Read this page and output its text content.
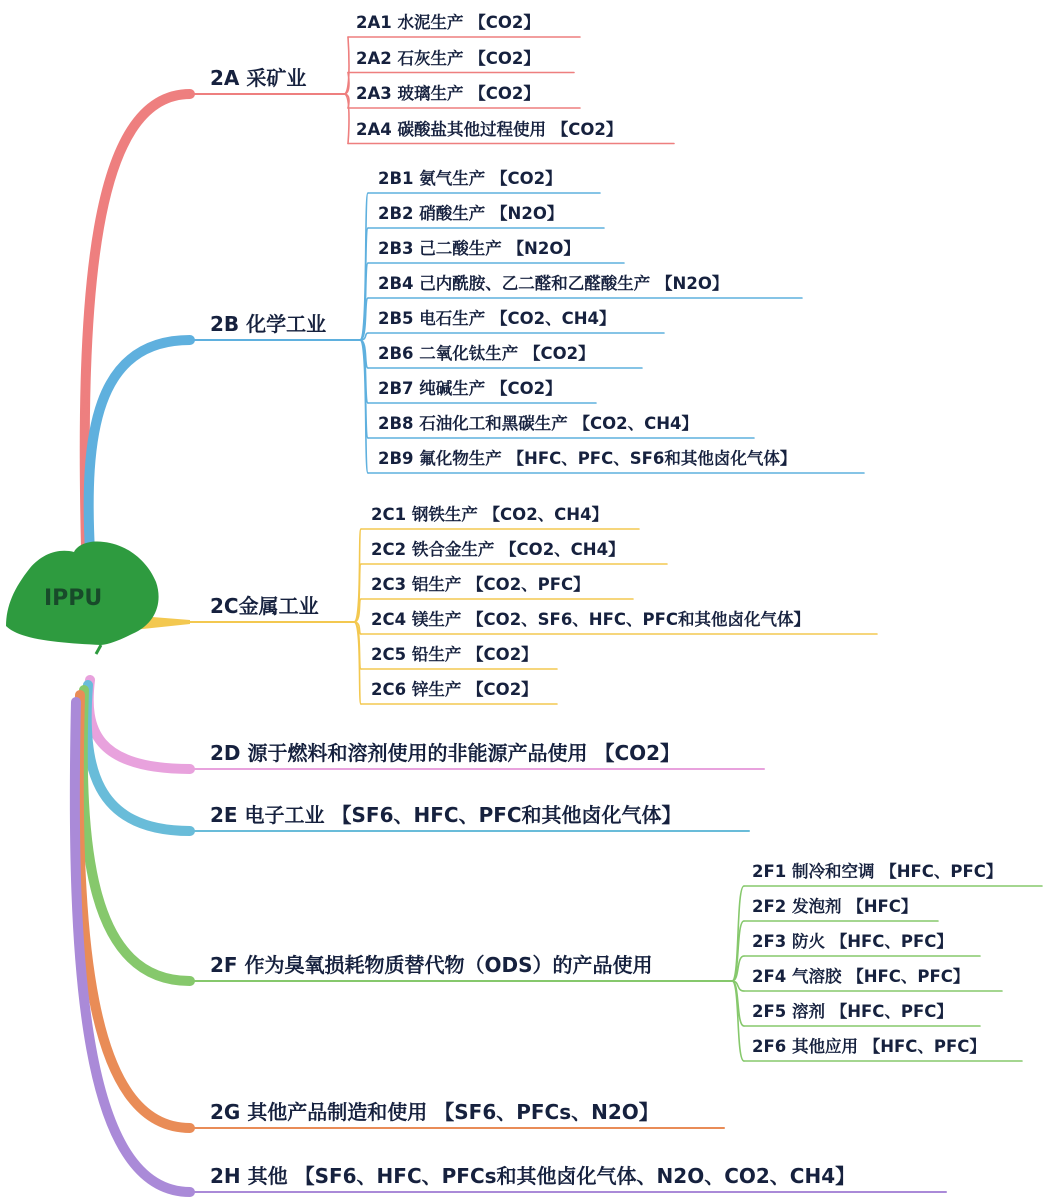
IPPU
2A 采矿业
2A1 水泥生产 【CO2】
2A2 石灰生产 【CO2】
2A3 玻璃生产 【CO2】
2A4 碳酸盐其他过程使用 【CO2】
2B 化学工业
2B1 氨气生产 【CO2】
2B2 硝酸生产 【N2O】
2B3 己二酸生产 【N2O】
2B4 己内酰胺、乙二醛和乙醛酸生产 【N2O】
2B5 电石生产 【CO2、CH4】
2B6 二氧化钛生产 【CO2】
2B7 纯碱生产 【CO2】
2B8 石油化工和黑碳生产 【CO2、CH4】
2B9 氟化物生产 【HFC、PFC、SF6和其他卤化气体】
2C金属工业
2C1 钢铁生产 【CO2、CH4】
2C2 铁合金生产 【CO2、CH4】
2C3 铝生产 【CO2、PFC】
2C4 镁生产 【CO2、SF6、HFC、PFC和其他卤化气体】
2C5 铅生产 【CO2】
2C6 锌生产 【CO2】
2D 源于燃料和溶剂使用的非能源产品使用 【CO2】
2E 电子工业 【SF6、HFC、PFC和其他卤化气体】
2F 作为臭氧损耗物质替代物（ODS）的产品使用
2F1 制冷和空调 【HFC、PFC】
2F2 发泡剂 【HFC】
2F3 防火 【HFC、PFC】
2F4 气溶胶 【HFC、PFC】
2F5 溶剂 【HFC、PFC】
2F6 其他应用 【HFC、PFC】
2G 其他产品制造和使用 【SF6、PFCs、N2O】
2H 其他 【SF6、HFC、PFCs和其他卤化气体、N2O、CO2、CH4】
